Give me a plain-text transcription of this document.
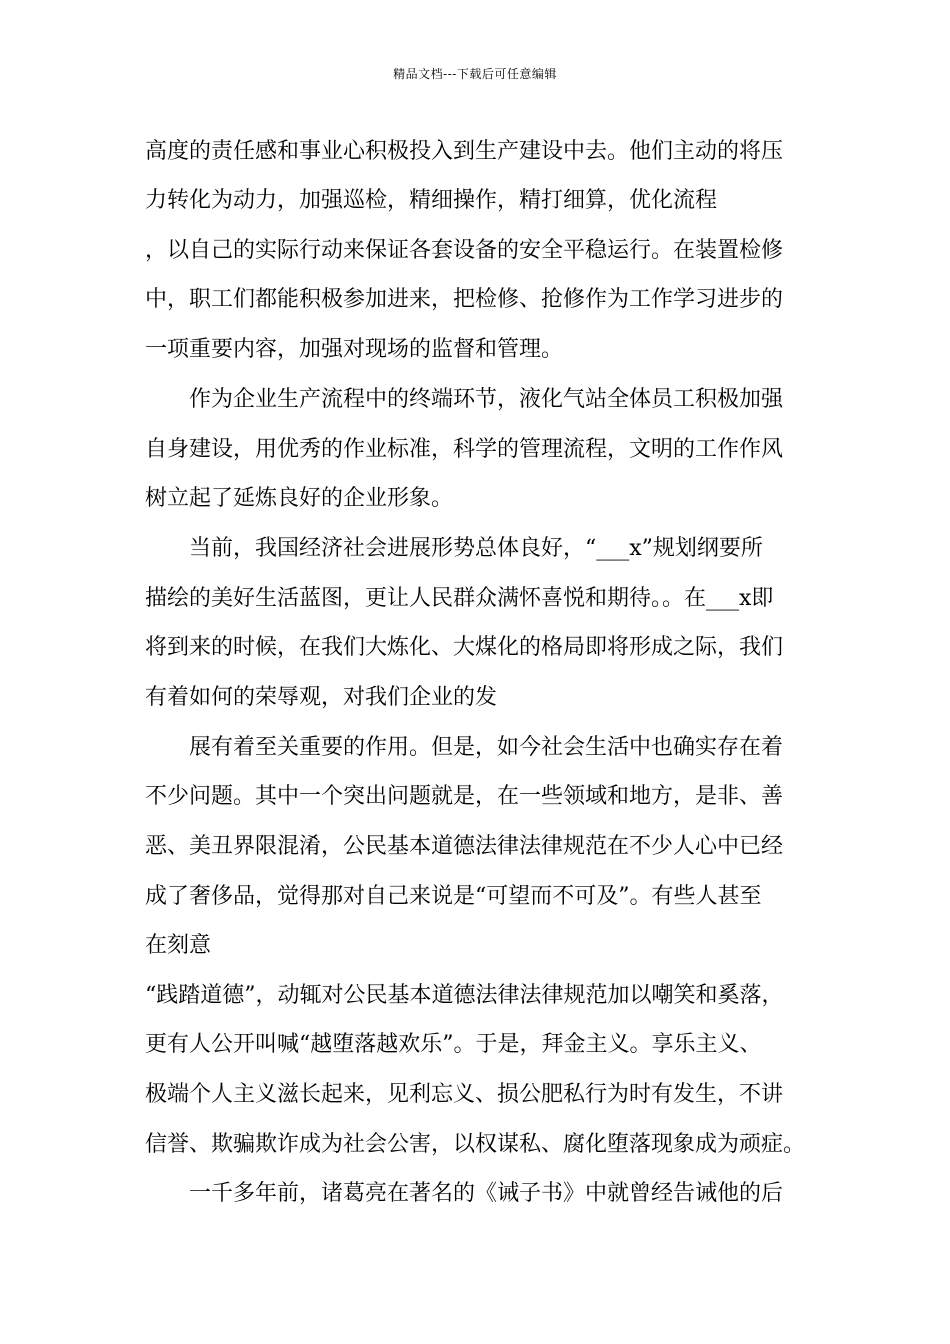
精品文档---下载后可任意编辑
高度的责任感和事业心积极投入到生产建设中去。他们主动的将压
力转化为动力，加强巡检，精细操作，精打细算，优化流程
，以自己的实际行动来保证各套设备的安全平稳运行。在装置检修
中，职工们都能积极参加进来，把检修、抢修作为工作学习进步的
一项重要内容，加强对现场的监督和管理。
　　作为企业生产流程中的终端环节，液化气站全体员工积极加强
自身建设，用优秀的作业标准，科学的管理流程，文明的工作作风
树立起了延炼良好的企业形象。
　　当前，我国经济社会进展形势总体良好，“___x”规划纲要所
描绘的美好生活蓝图，更让人民群众满怀喜悦和期待。。在___x即
将到来的时候，在我们大炼化、大煤化的格局即将形成之际，我们
有着如何的荣辱观，对我们企业的发
　　展有着至关重要的作用。但是，如今社会生活中也确实存在着
不少问题。其中一个突出问题就是，在一些领域和地方，是非、善
恶、美丑界限混淆，公民基本道德法律法律规范在不少人心中已经
成了奢侈品，觉得那对自己来说是“可望而不可及”。有些人甚至
在刻意
“践踏道德”，动辄对公民基本道德法律法律规范加以嘲笑和奚落，
更有人公开叫喊“越堕落越欢乐”。于是，拜金主义。享乐主义、
极端个人主义滋长起来，见利忘义、损公肥私行为时有发生，不讲
信誉、欺骗欺诈成为社会公害，以权谋私、腐化堕落现象成为顽症。
　　一千多年前，诸葛亮在著名的《诫子书》中就曾经告诫他的后
